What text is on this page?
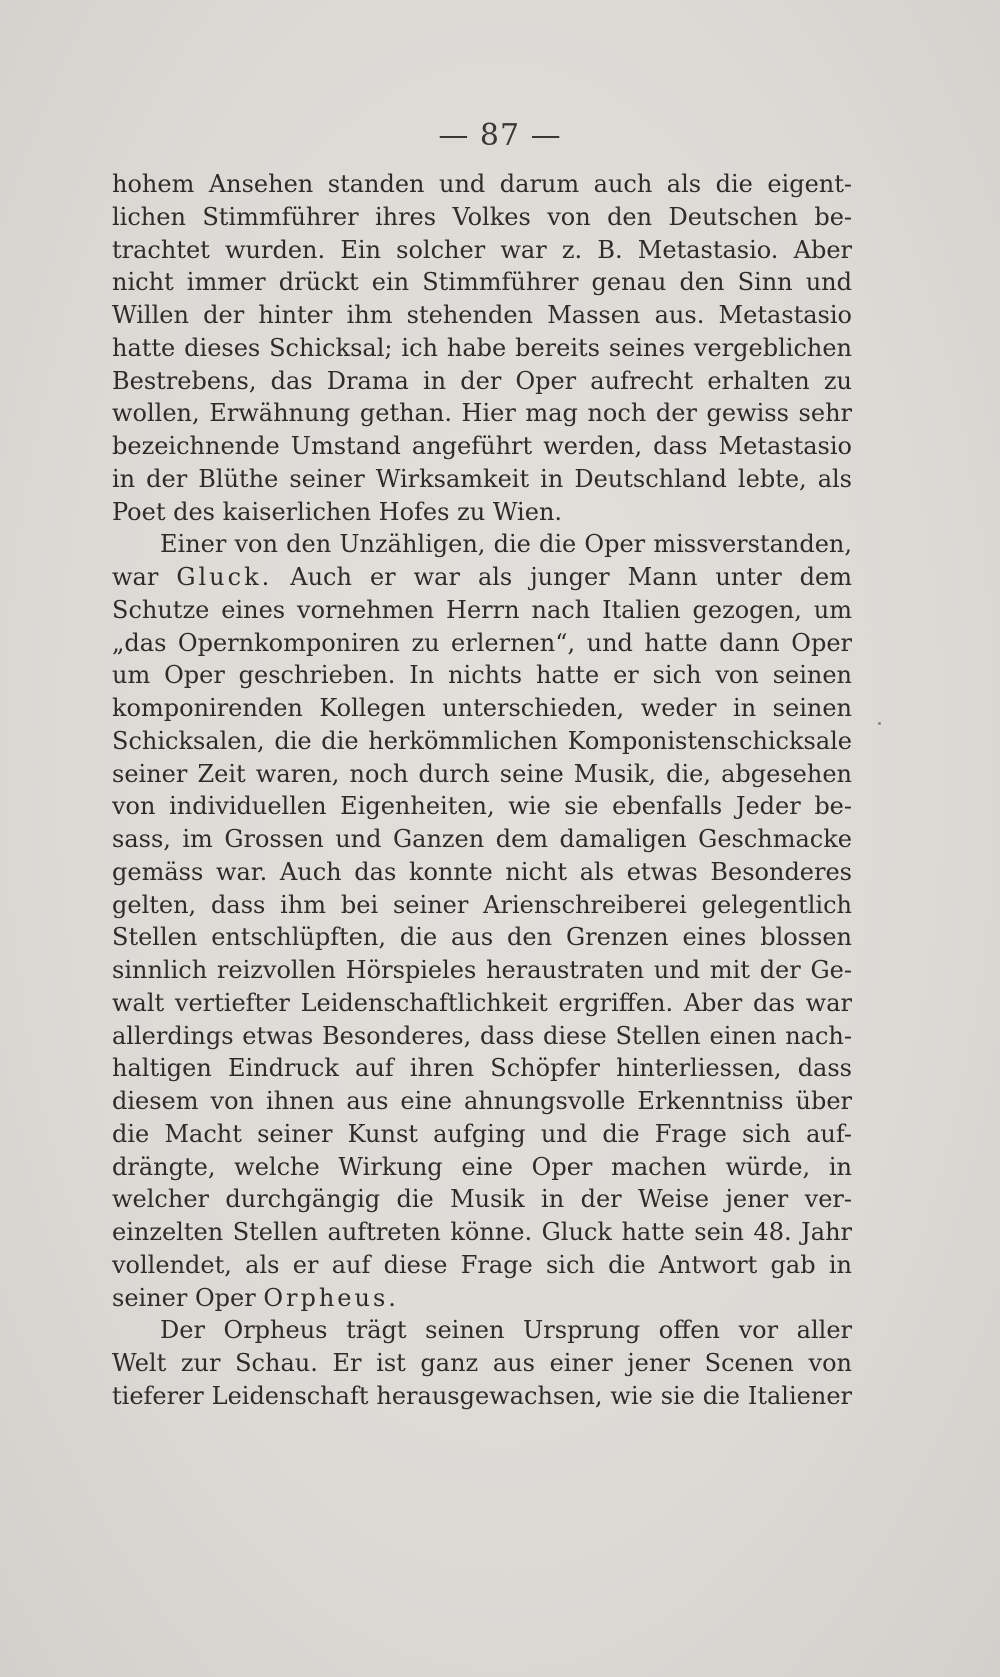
— 87 —
hohem Ansehen standen und darum auch als die eigent-
lichen Stimmführer ihres Volkes von den Deutschen be-
trachtet wurden. Ein solcher war z. B. Metastasio. Aber
nicht immer drückt ein Stimmführer genau den Sinn und
Willen der hinter ihm stehenden Massen aus. Metastasio
hatte dieses Schicksal; ich habe bereits seines vergeblichen
Bestrebens, das Drama in der Oper aufrecht erhalten zu
wollen, Erwähnung gethan. Hier mag noch der gewiss sehr
bezeichnende Umstand angeführt werden, dass Metastasio
in der Blüthe seiner Wirksamkeit in Deutschland lebte, als
Poet des kaiserlichen Hofes zu Wien.
Einer von den Unzähligen, die die Oper missverstanden,
war Gluck. Auch er war als junger Mann unter dem
Schutze eines vornehmen Herrn nach Italien gezogen, um
„das Opernkomponiren zu erlernen“, und hatte dann Oper
um Oper geschrieben. In nichts hatte er sich von seinen
komponirenden Kollegen unterschieden, weder in seinen
Schicksalen, die die herkömmlichen Komponistenschicksale
seiner Zeit waren, noch durch seine Musik, die, abgesehen
von individuellen Eigenheiten, wie sie ebenfalls Jeder be-
sass, im Grossen und Ganzen dem damaligen Geschmacke
gemäss war. Auch das konnte nicht als etwas Besonderes
gelten, dass ihm bei seiner Arienschreiberei gelegentlich
Stellen entschlüpften, die aus den Grenzen eines blossen
sinnlich reizvollen Hörspieles heraustraten und mit der Ge-
walt vertiefter Leidenschaftlichkeit ergriffen. Aber das war
allerdings etwas Besonderes, dass diese Stellen einen nach-
haltigen Eindruck auf ihren Schöpfer hinterliessen, dass
diesem von ihnen aus eine ahnungsvolle Erkenntniss über
die Macht seiner Kunst aufging und die Frage sich auf-
drängte, welche Wirkung eine Oper machen würde, in
welcher durchgängig die Musik in der Weise jener ver-
einzelten Stellen auftreten könne. Gluck hatte sein 48. Jahr
vollendet, als er auf diese Frage sich die Antwort gab in
seiner Oper Orpheus.
Der Orpheus trägt seinen Ursprung offen vor aller
Welt zur Schau. Er ist ganz aus einer jener Scenen von
tieferer Leidenschaft herausgewachsen, wie sie die Italiener
